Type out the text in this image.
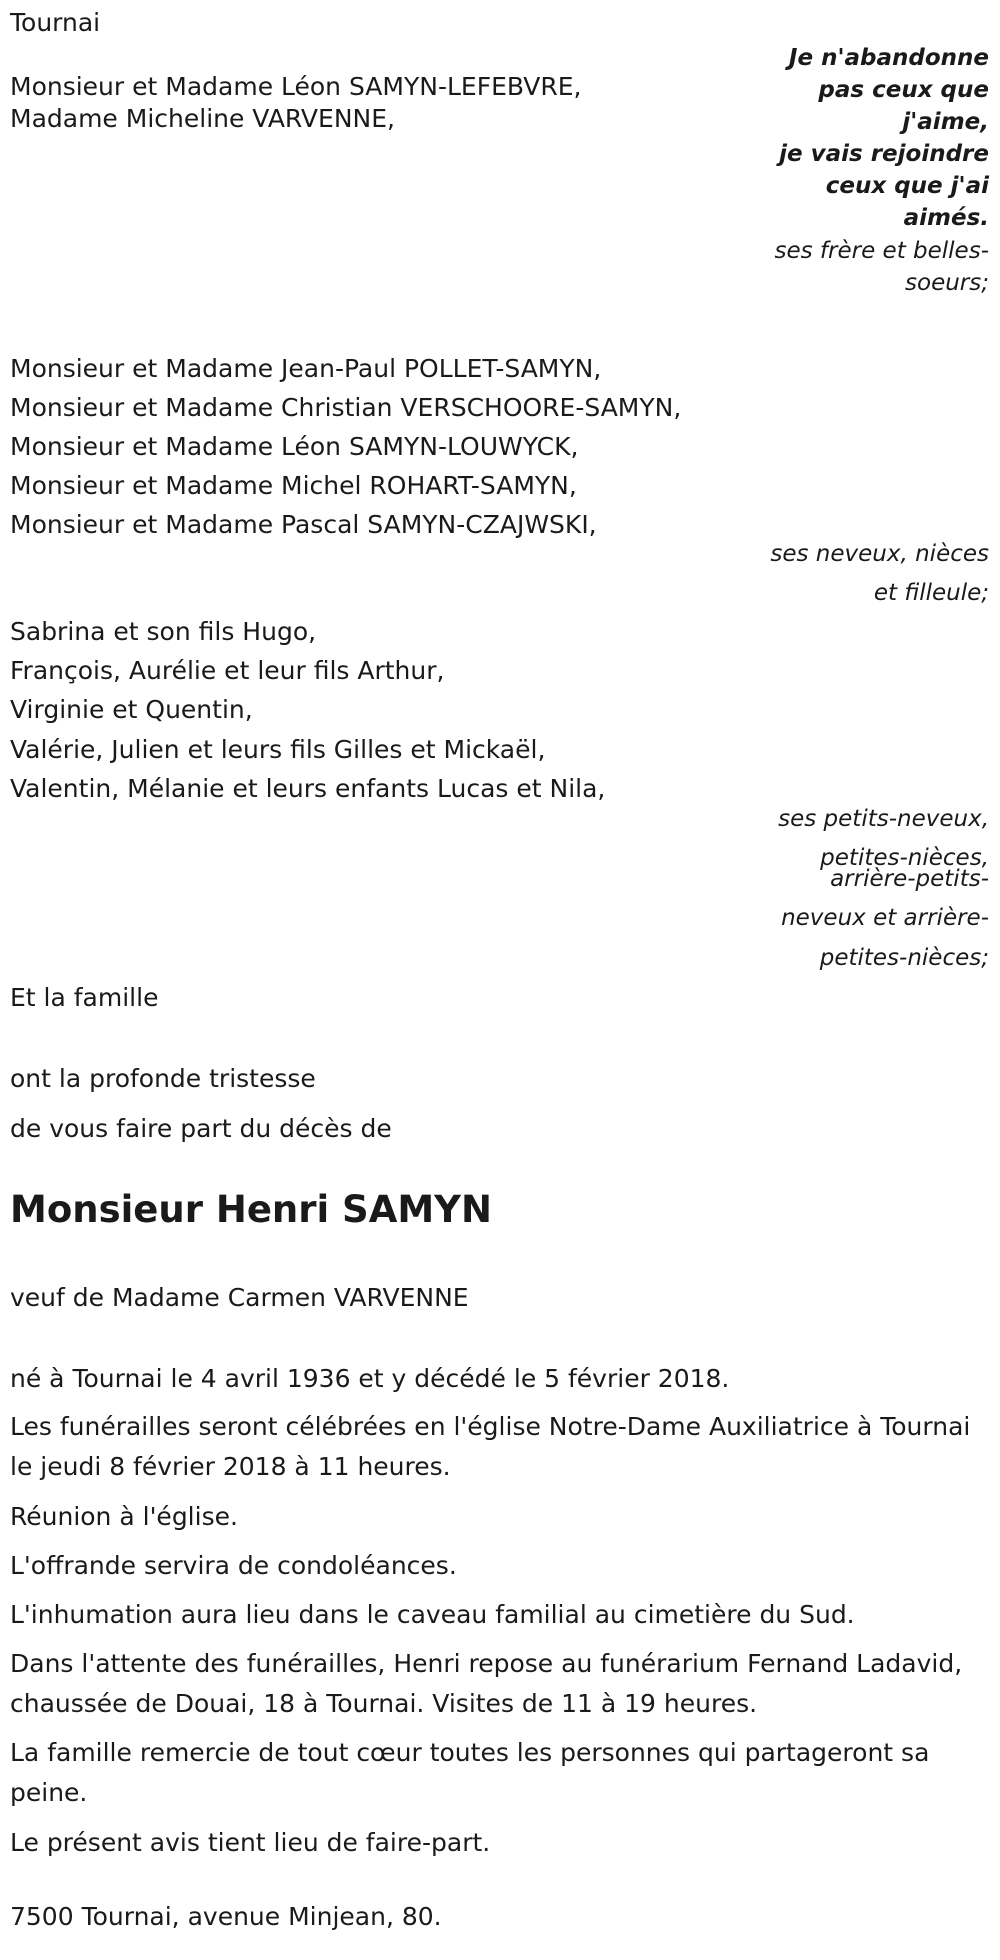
Tournai
Je n'abandonne
pas ceux que
j'aime,
je vais rejoindre
ceux que j'ai
aimés.
Monsieur et Madame Léon SAMYN-LEFEBVRE,
Madame Micheline VARVENNE,
ses frère et belles-
soeurs;
Monsieur et Madame Jean-Paul POLLET-SAMYN,
Monsieur et Madame Christian VERSCHOORE-SAMYN,
Monsieur et Madame Léon SAMYN-LOUWYCK,
Monsieur et Madame Michel ROHART-SAMYN,
Monsieur et Madame Pascal SAMYN-CZAJWSKI,
ses neveux, nièces
et filleule;
Sabrina et son fils Hugo,
François, Aurélie et leur fils Arthur,
Virginie et Quentin,
Valérie, Julien et leurs fils Gilles et Mickaël,
Valentin, Mélanie et leurs enfants Lucas et Nila,
ses petits-neveux,
petites-nièces,
arrière-petits-
neveux et arrière-
petites-nièces;
Et la famille
ont la profonde tristesse
de vous faire part du décès de
Monsieur Henri SAMYN
veuf de Madame Carmen VARVENNE
né à Tournai le 4 avril 1936 et y décédé le 5 février 2018.
Les funérailles seront célébrées en l'église Notre-Dame Auxiliatrice à Tournai le jeudi 8 février 2018 à 11 heures.
Réunion à l'église.
L'offrande servira de condoléances.
L'inhumation aura lieu dans le caveau familial au cimetière du Sud.
Dans l'attente des funérailles, Henri repose au funérarium Fernand Ladavid, chaussée de Douai, 18 à Tournai. Visites de 11 à 19 heures.
La famille remercie de tout cœur toutes les personnes qui partageront sa peine.
Le présent avis tient lieu de faire-part.
7500 Tournai, avenue Minjean, 80.
